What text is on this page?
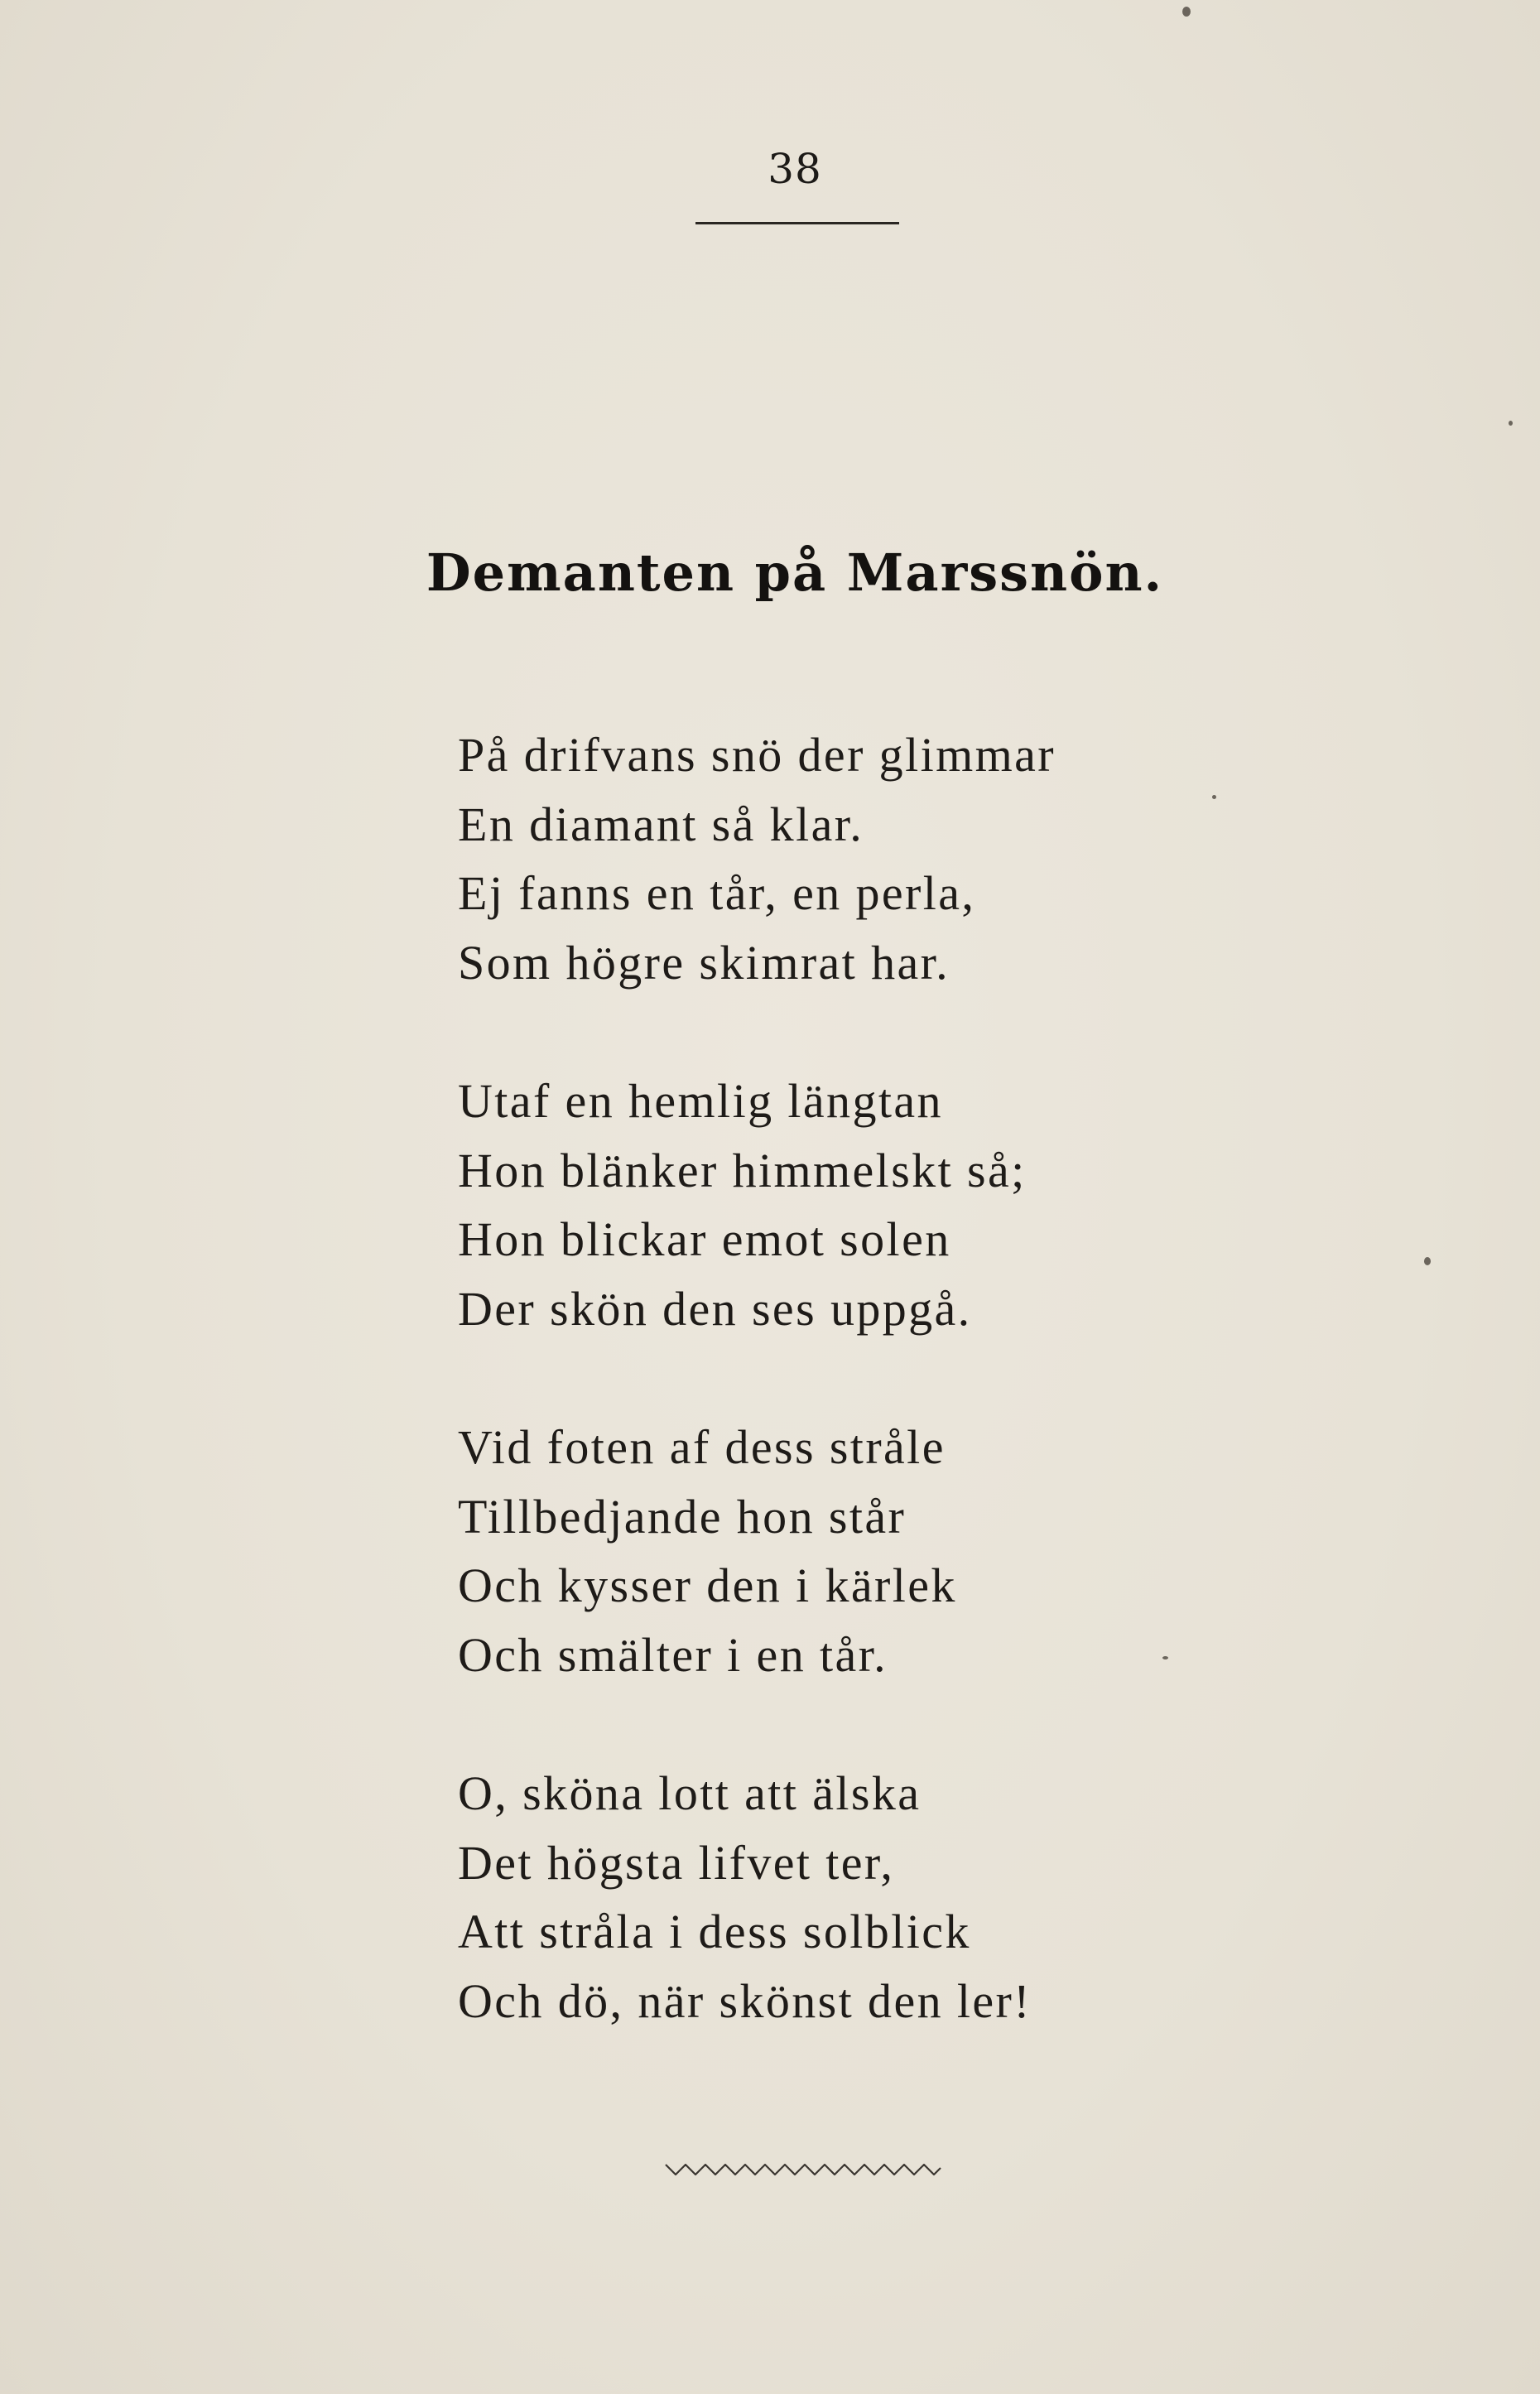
38
Demanten på Marssnön.
På drifvans snö der glimmar
En diamant så klar.
Ej fanns en tår, en perla,
Som högre skimrat har.
Utaf en hemlig längtan
Hon blänker himmelskt så;
Hon blickar emot solen
Der skön den ses uppgå.
Vid foten af dess stråle
Tillbedjande hon står
Och kysser den i kärlek
Och smälter i en tår.
O, sköna lott att älska
Det högsta lifvet ter,
Att stråla i dess solblick
Och dö, när skönst den ler!
